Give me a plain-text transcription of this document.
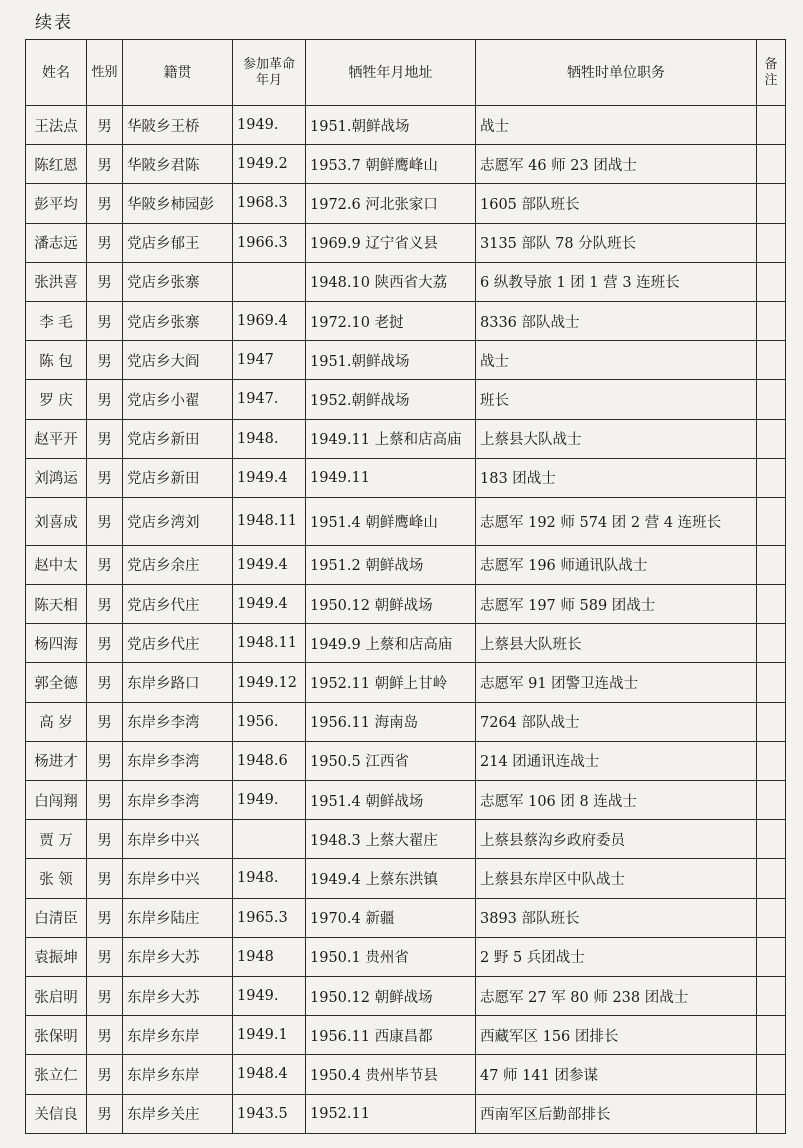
续表
姓名	性别	籍贯	参加革命年月	牺牲年月地址	牺牲时单位职务	备注
王法点	男	华陂乡王桥	1949.	1951.朝鲜战场	战士	
陈红恩	男	华陂乡君陈	1949.2	1953.7 朝鲜鹰峰山	志愿军 46 师 23 团战士	
彭平均	男	华陂乡柿园彭	1968.3	1972.6 河北张家口	1605 部队班长	
潘志远	男	党店乡郁王	1966.3	1969.9 辽宁省义县	3135 部队 78 分队班长	
张洪喜	男	党店乡张寨		1948.10 陕西省大荔	6 纵教导旅 1 团 1 营 3 连班长	
李 毛	男	党店乡张寨	1969.4	1972.10 老挝	8336 部队战士	
陈 包	男	党店乡大阎	1947	1951.朝鲜战场	战士	
罗 庆	男	党店乡小翟	1947.	1952.朝鲜战场	班长	
赵平开	男	党店乡新田	1948.	1949.11 上蔡和店高庙	上蔡县大队战士	
刘鸿运	男	党店乡新田	1949.4	1949.11	183 团战士	
刘喜成	男	党店乡湾刘	1948.11	1951.4 朝鲜鹰峰山	志愿军 192 师 574 团 2 营 4 连班长	
赵中太	男	党店乡余庄	1949.4	1951.2 朝鲜战场	志愿军 196 师通讯队战士	
陈天相	男	党店乡代庄	1949.4	1950.12 朝鲜战场	志愿军 197 师 589 团战士	
杨四海	男	党店乡代庄	1948.11	1949.9 上蔡和店高庙	上蔡县大队班长	
郭全德	男	东岸乡路口	1949.12	1952.11 朝鲜上甘岭	志愿军 91 团警卫连战士	
高 岁	男	东岸乡李湾	1956.	1956.11 海南岛	7264 部队战士	
杨进才	男	东岸乡李湾	1948.6	1950.5 江西省	214 团通讯连战士	
白闯翔	男	东岸乡李湾	1949.	1951.4 朝鲜战场	志愿军 106 团 8 连战士	
贾 万	男	东岸乡中兴		1948.3 上蔡大翟庄	上蔡县蔡沟乡政府委员	
张 领	男	东岸乡中兴	1948.	1949.4 上蔡东洪镇	上蔡县东岸区中队战士	
白清臣	男	东岸乡陆庄	1965.3	1970.4 新疆	3893 部队班长	
袁振坤	男	东岸乡大苏	1948	1950.1 贵州省	2 野 5 兵团战士	
张启明	男	东岸乡大苏	1949.	1950.12 朝鲜战场	志愿军 27 军 80 师 238 团战士	
张保明	男	东岸乡东岸	1949.1	1956.11 西康昌都	西藏军区 156 团排长	
张立仁	男	东岸乡东岸	1948.4	1950.4 贵州毕节县	47 师 141 团参谋	
关信良	男	东岸乡关庄	1943.5	1952.11	西南军区后勤部排长	
